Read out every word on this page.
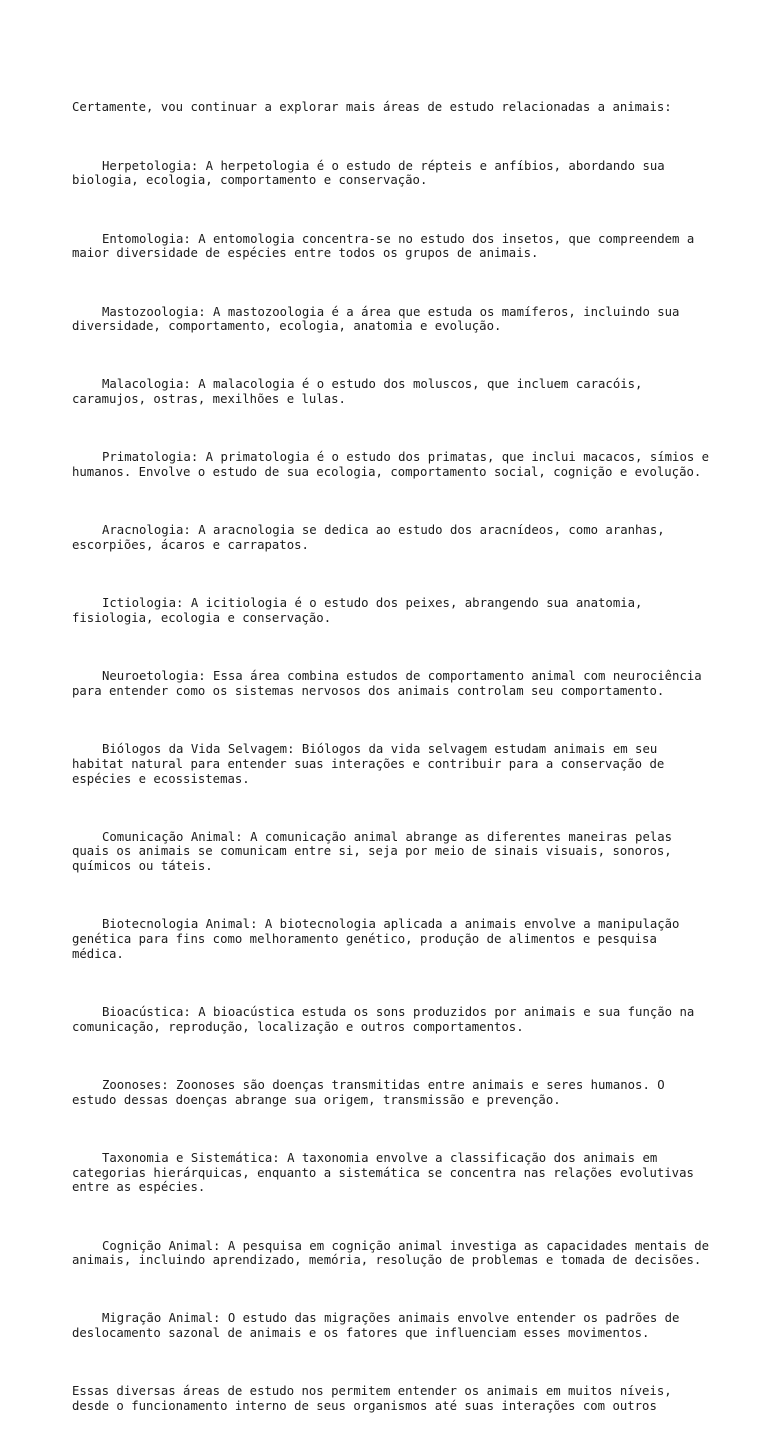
Certamente, vou continuar a explorar mais áreas de estudo relacionadas a animais:

Herpetologia: A herpetologia é o estudo de répteis e anfíbios, abordando sua biologia, ecologia, comportamento e conservação.

Entomologia: A entomologia concentra-se no estudo dos insetos, que compreendem a maior diversidade de espécies entre todos os grupos de animais.

Mastozoologia: A mastozoologia é a área que estuda os mamíferos, incluindo sua diversidade, comportamento, ecologia, anatomia e evolução.

Malacologia: A malacologia é o estudo dos moluscos, que incluem caracóis, caramujos, ostras, mexilhões e lulas.

Primatologia: A primatologia é o estudo dos primatas, que inclui macacos, símios e humanos. Envolve o estudo de sua ecologia, comportamento social, cognição e evolução.

Aracnologia: A aracnologia se dedica ao estudo dos aracnídeos, como aranhas, escorpiões, ácaros e carrapatos.

Ictiologia: A icitiologia é o estudo dos peixes, abrangendo sua anatomia, fisiologia, ecologia e conservação.

Neuroetologia: Essa área combina estudos de comportamento animal com neurociência para entender como os sistemas nervosos dos animais controlam seu comportamento.

Biólogos da Vida Selvagem: Biólogos da vida selvagem estudam animais em seu habitat natural para entender suas interações e contribuir para a conservação de espécies e ecossistemas.

Comunicação Animal: A comunicação animal abrange as diferentes maneiras pelas quais os animais se comunicam entre si, seja por meio de sinais visuais, sonoros, químicos ou táteis.

Biotecnologia Animal: A biotecnologia aplicada a animais envolve a manipulação genética para fins como melhoramento genético, produção de alimentos e pesquisa médica.

Bioacústica: A bioacústica estuda os sons produzidos por animais e sua função na comunicação, reprodução, localização e outros comportamentos.

Zoonoses: Zoonoses são doenças transmitidas entre animais e seres humanos. O estudo dessas doenças abrange sua origem, transmissão e prevenção.

Taxonomia e Sistemática: A taxonomia envolve a classificação dos animais em categorias hierárquicas, enquanto a sistemática se concentra nas relações evolutivas entre as espécies.

Cognição Animal: A pesquisa em cognição animal investiga as capacidades mentais de animais, incluindo aprendizado, memória, resolução de problemas e tomada de decisões.

Migração Animal: O estudo das migrações animais envolve entender os padrões de deslocamento sazonal de animais e os fatores que influenciam esses movimentos.

Essas diversas áreas de estudo nos permitem entender os animais em muitos níveis, desde o funcionamento interno de seus organismos até suas interações com outros
